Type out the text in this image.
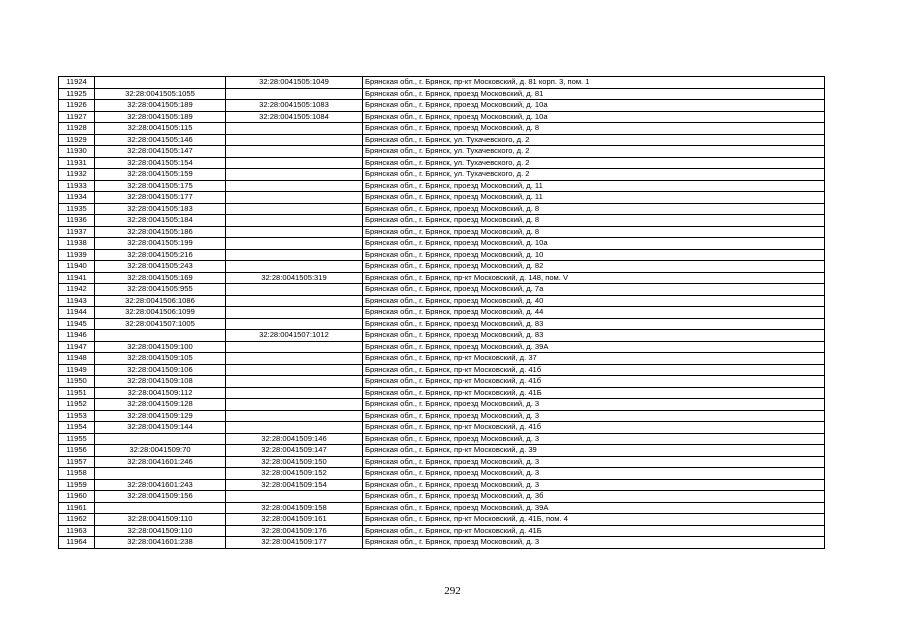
11924		32:28:0041505:1049	Брянская обл., г. Брянск, пр-кт Московский, д. 81 корп. 3, пом. 1
11925	32:28:0041505:1055		Брянская обл., г. Брянск, проезд Московский, д. 81
11926	32:28:0041505:189	32:28:0041505:1083	Брянская обл., г. Брянск, проезд Московский, д. 10а
11927	32:28:0041505:189	32:28:0041505:1084	Брянская обл., г. Брянск, проезд Московский, д. 10а
11928	32:28:0041505:115		Брянская обл., г. Брянск, проезд Московский, д. 8
11929	32:28:0041505:146		Брянская обл., г. Брянск, ул. Тухачевского, д. 2
11930	32:28:0041505:147		Брянская обл., г. Брянск, ул. Тухачевского, д. 2
11931	32:28:0041505:154		Брянская обл., г. Брянск, ул. Тухачевского, д. 2
11932	32:28:0041505:159		Брянская обл., г. Брянск, ул. Тухачевского, д. 2
11933	32:28:0041505:175		Брянская обл., г. Брянск, проезд Московский, д. 11
11934	32:28:0041505:177		Брянская обл., г. Брянск, проезд Московский, д. 11
11935	32:28:0041505:183		Брянская обл., г. Брянск, проезд Московский, д. 8
11936	32:28:0041505:184		Брянская обл., г. Брянск, проезд Московский, д. 8
11937	32:28:0041505:186		Брянская обл., г. Брянск, проезд Московский, д. 8
11938	32:28:0041505:199		Брянская обл., г. Брянск, проезд Московский, д. 10а
11939	32:28:0041505:216		Брянская обл., г. Брянск, проезд Московский, д. 10
11940	32:28:0041505:243		Брянская обл., г. Брянск, проезд Московский, д. 82
11941	32:28:0041505:169	32:28:0041505:319	Брянская обл., г. Брянск, пр-кт Московский, д. 148, пом. V
11942	32:28:0041505:955		Брянская обл., г. Брянск, проезд Московский, д. 7а
11943	32:28:0041506:1086		Брянская обл., г. Брянск, проезд Московский, д. 40
11944	32:28:0041506:1099		Брянская обл., г. Брянск, проезд Московский, д. 44
11945	32:28:0041507:1005		Брянская обл., г. Брянск, проезд Московский, д. 83
11946		32:28:0041507:1012	Брянская обл., г. Брянск, проезд Московский, д. 83
11947	32:28:0041509:100		Брянская обл., г. Брянск, проезд Московский, д. 39А
11948	32:28:0041509:105		Брянская обл., г. Брянск, пр-кт Московский, д. 37
11949	32:28:0041509:106		Брянская обл., г. Брянск, пр-кт Московский, д. 41б
11950	32:28:0041509:108		Брянская обл., г. Брянск, пр-кт Московский, д. 41б
11951	32:28:0041509:112		Брянская обл., г. Брянск, пр-кт Московский, д. 41Б
11952	32:28:0041509:128		Брянская обл., г. Брянск, проезд Московский, д. 3
11953	32:28:0041509:129		Брянская обл., г. Брянск, проезд Московский, д. 3
11954	32:28:0041509:144		Брянская обл., г. Брянск, пр-кт Московский, д. 41б
11955		32:28:0041509:146	Брянская обл., г. Брянск, проезд Московский, д. 3
11956	32:28:0041509:70	32:28:0041509:147	Брянская обл., г. Брянск, пр-кт Московский, д. 39
11957	32:28:0041601:246	32:28:0041509:150	Брянская обл., г. Брянск, проезд Московский, д. 3
11958		32:28:0041509:152	Брянская обл., г. Брянск, проезд Московский, д. 3
11959	32:28:0041601:243	32:28:0041509:154	Брянская обл., г. Брянск, проезд Московский, д. 3
11960	32:28:0041509:156		Брянская обл., г. Брянск, проезд Московский, д. 3б
11961		32:28:0041509:158	Брянская обл., г. Брянск, проезд Московский, д. 39А
11962	32:28:0041509:110	32:28:0041509:161	Брянская обл., г. Брянск, пр-кт Московский, д. 41Б, пом. 4
11963	32:28:0041509:110	32:28:0041509:176	Брянская обл., г. Брянск, пр-кт Московский, д. 41Б
11964	32:28:0041601:238	32:28:0041509:177	Брянская обл., г. Брянск, проезд Московский, д. 3
292
